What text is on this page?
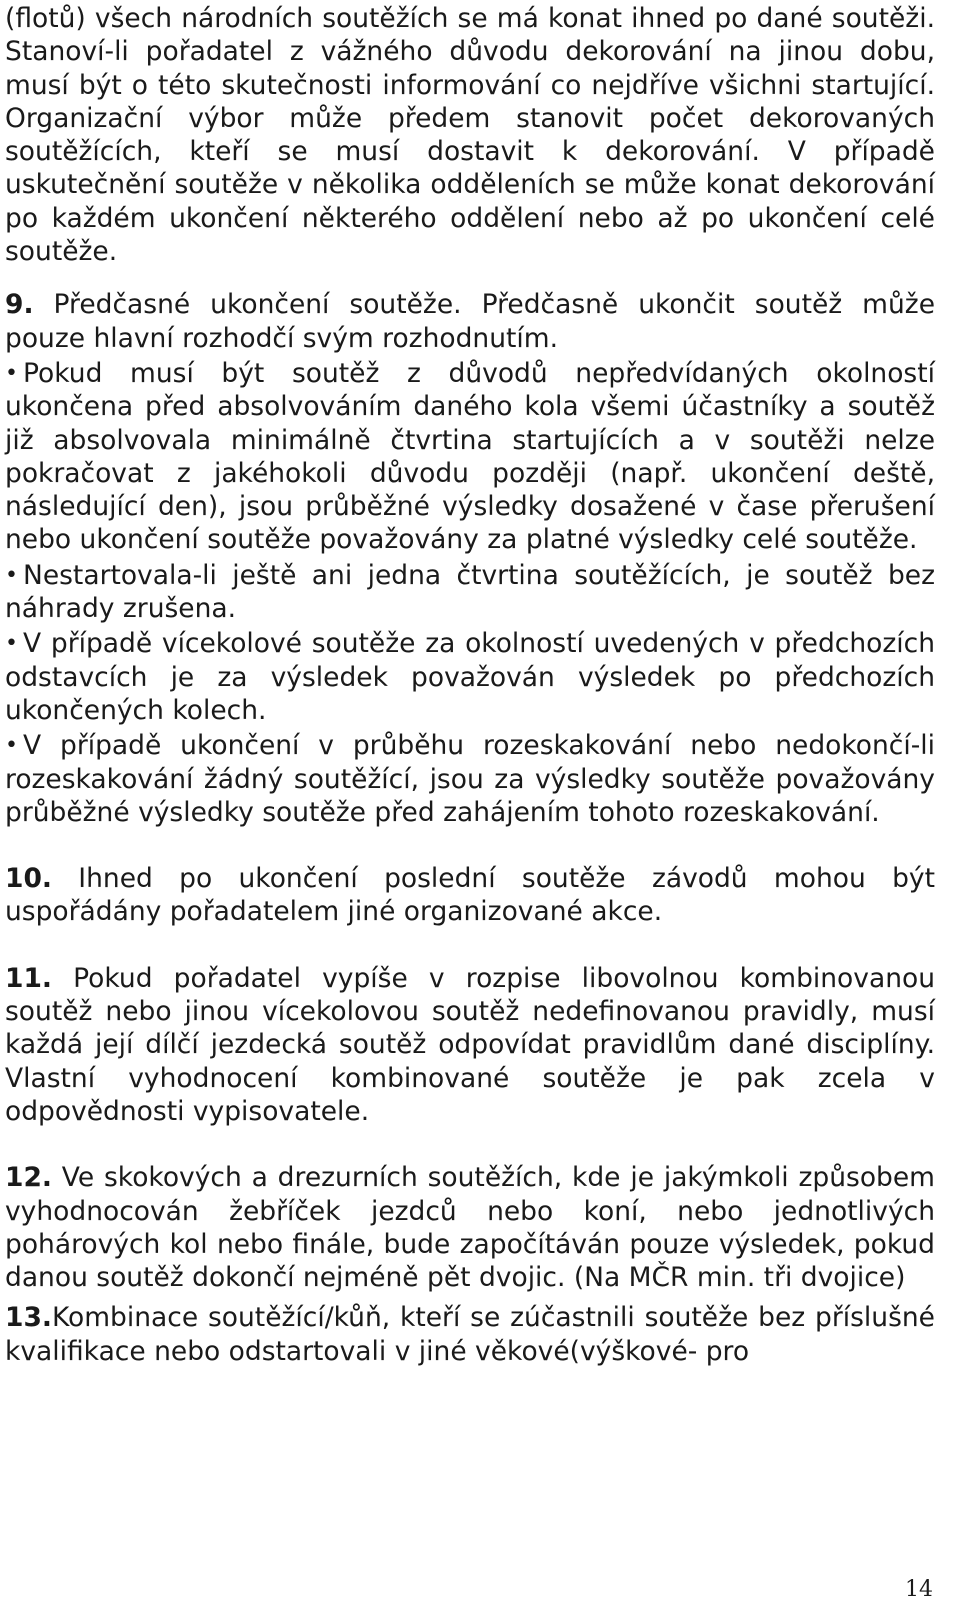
(flotů) všech národních soutěžích se má konat ihned po dané soutěži. Stanoví-li pořadatel z vážného důvodu dekorování na jinou dobu, musí být o této skutečnosti informování co nejdříve všichni startující. Organizační výbor může předem stanovit počet dekorovaných soutěžících, kteří se musí dostavit k dekorování. V případě uskutečnění soutěže v několika odděleních se může konat dekorování po každém ukončení některého oddělení nebo až po ukončení celé soutěže.

9. Předčasné ukončení soutěže. Předčasně ukončit soutěž může pouze hlavní rozhodčí svým rozhodnutím.

• Pokud musí být soutěž z důvodů nepředvídaných okolností ukončena před absolvováním daného kola všemi účastníky a soutěž již absolvovala minimálně čtvrtina startujících a v soutěži nelze pokračovat z jakéhokoli důvodu později (např. ukončení deště, následující den), jsou průběžné výsledky dosažené v čase přerušení nebo ukončení soutěže považovány za platné výsledky celé soutěže.

• Nestartovala-li ještě ani jedna čtvrtina soutěžících, je soutěž bez náhrady zrušena.

• V případě vícekolové soutěže za okolností uvedených v předchozích odstavcích je za výsledek považován výsledek po předchozích ukončených kolech.

• V případě ukončení v průběhu rozeskakování nebo nedokončí-li rozeskakování žádný soutěžící, jsou za výsledky soutěže považovány průběžné výsledky soutěže před zahájením tohoto rozeskakování.

10. Ihned po ukončení poslední soutěže závodů mohou být uspořádány pořadatelem jiné organizované akce.

11. Pokud pořadatel vypíše v rozpise libovolnou kombinovanou soutěž nebo jinou vícekolovou soutěž nedefinovanou pravidly, musí každá její dílčí jezdecká soutěž odpovídat pravidlům dané disciplíny. Vlastní vyhodnocení kombinované soutěže je pak zcela v odpovědnosti vypisovatele.

12. Ve skokových a drezurních soutěžích, kde je jakýmkoli způsobem vyhodnocován žebříček jezdců nebo koní, nebo jednotlivých pohárových kol nebo finále, bude započítáván pouze výsledek, pokud danou soutěž dokončí nejméně pět dvojic. (Na MČR min. tři dvojice)

13.Kombinace soutěžící/kůň, kteří se zúčastnili soutěže bez příslušné kvalifikace nebo odstartovali v jiné věkové(výškové- pro

14
